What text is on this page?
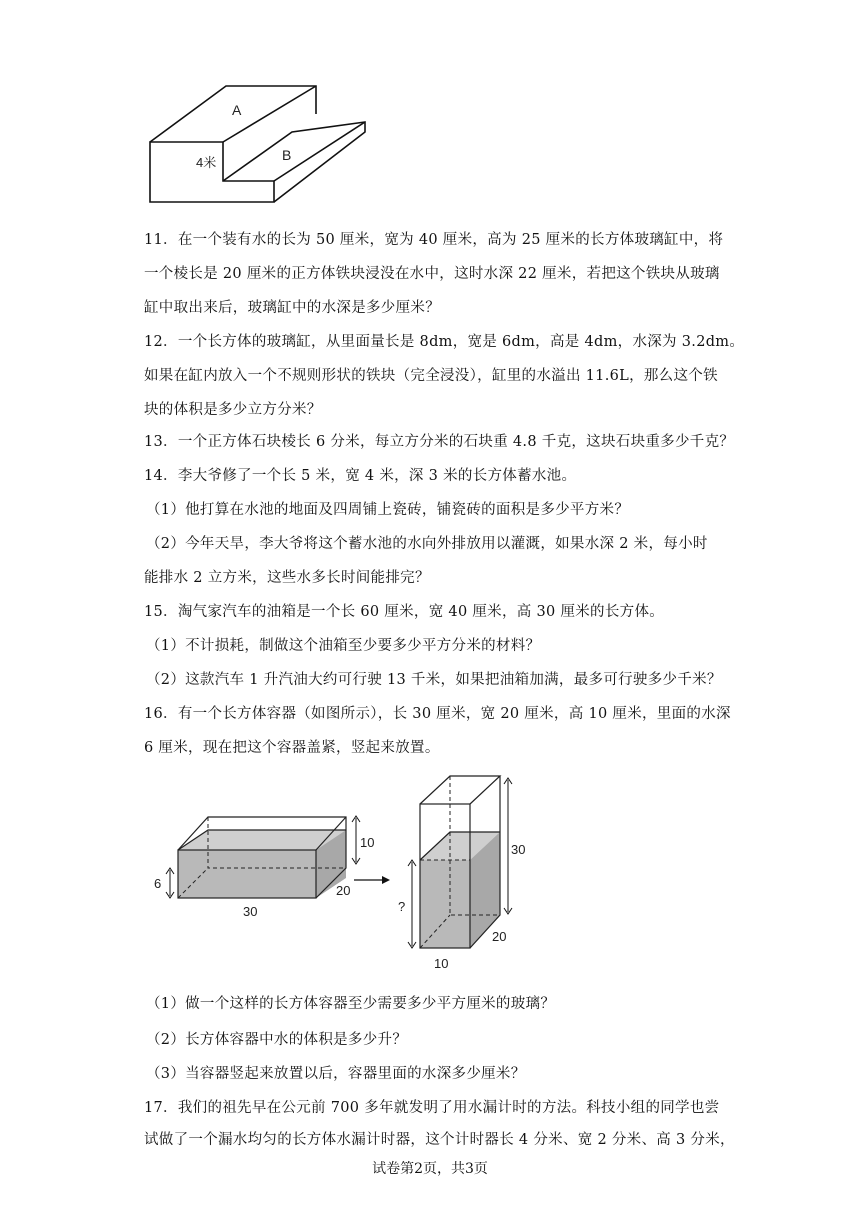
A
B
4米
11．在一个装有水的长为 50 厘米，宽为 40 厘米，高为 25 厘米的长方体玻璃缸中，将
一个棱长是 20 厘米的正方体铁块浸没在水中，这时水深 22 厘米，若把这个铁块从玻璃
缸中取出来后，玻璃缸中的水深是多少厘米？
12．一个长方体的玻璃缸，从里面量长是 8dm，宽是 6dm，高是 4dm，水深为 3.2dm。
如果在缸内放入一个不规则形状的铁块（完全浸没），缸里的水溢出 11.6L，那么这个铁
块的体积是多少立方分米？
13．一个正方体石块棱长 6 分米，每立方分米的石块重 4.8 千克，这块石块重多少千克？
14．李大爷修了一个长 5 米，宽 4 米，深 3 米的长方体蓄水池。
（1）他打算在水池的地面及四周铺上瓷砖，铺瓷砖的面积是多少平方米？
（2）今年天旱，李大爷将这个蓄水池的水向外排放用以灌溉，如果水深 2 米，每小时
能排水 2 立方米，这些水多长时间能排完？
15．淘气家汽车的油箱是一个长 60 厘米，宽 40 厘米，高 30 厘米的长方体。
（1）不计损耗，制做这个油箱至少要多少平方分米的材料？
（2）这款汽车 1 升汽油大约可行驶 13 千米，如果把油箱加满，最多可行驶多少千米？
16．有一个长方体容器（如图所示），长 30 厘米，宽 20 厘米，高 10 厘米，里面的水深
6 厘米，现在把这个容器盖紧，竖起来放置。
10
6
30
20
30
?
20
10
（1）做一个这样的长方体容器至少需要多少平方厘米的玻璃？
（2）长方体容器中水的体积是多少升？
（3）当容器竖起来放置以后，容器里面的水深多少厘米？
17．我们的祖先早在公元前 700 多年就发明了用水漏计时的方法。科技小组的同学也尝
试做了一个漏水均匀的长方体水漏计时器，这个计时器长 4 分米、宽 2 分米、高 3 分米，
试卷第2页，共3页
